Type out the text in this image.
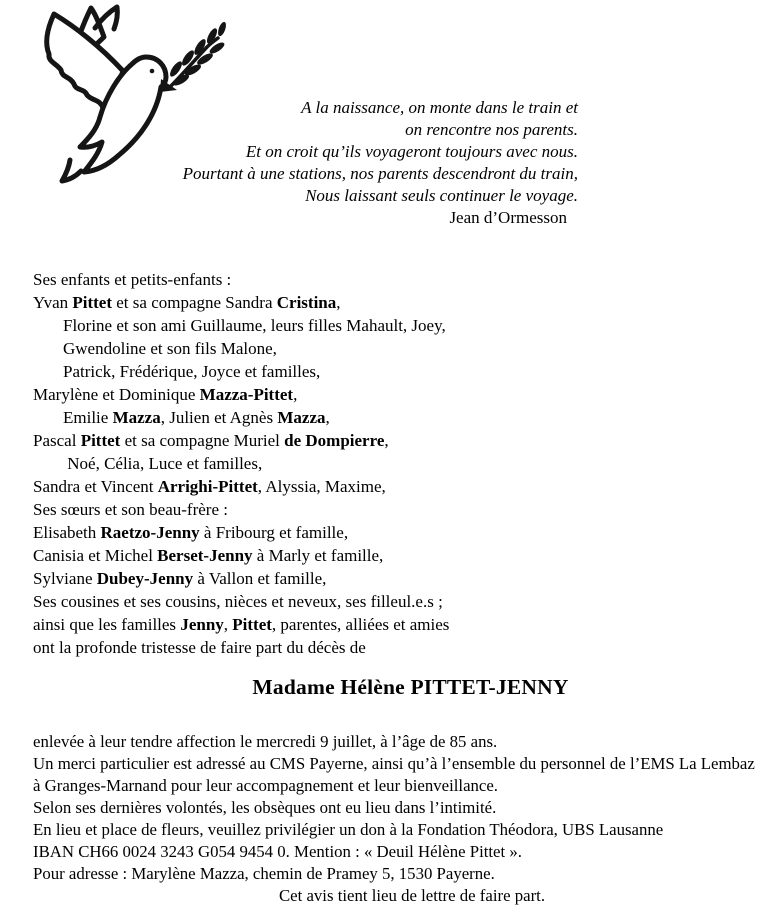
A la naissance, on monte dans le train et
on rencontre nos parents.
Et on croit qu’ils voyageront toujours avec nous.
Pourtant à une stations, nos parents descendront du train,
Nous laissant seuls continuer le voyage.
Jean d’Ormesson
Ses enfants et petits-enfants :
Yvan Pittet et sa compagne Sandra Cristina,
Florine et son ami Guillaume, leurs filles Mahault, Joey,
Gwendoline et son fils Malone,
Patrick, Frédérique, Joyce et familles,
Marylène et Dominique Mazza-Pittet,
Emilie Mazza, Julien et Agnès Mazza,
Pascal Pittet et sa compagne Muriel de Dompierre,
Noé, Célia, Luce et familles,
Sandra et Vincent Arrighi-Pittet, Alyssia, Maxime,
Ses sœurs et son beau-frère :
Elisabeth Raetzo-Jenny à Fribourg et famille,
Canisia et Michel Berset-Jenny à Marly et famille,
Sylviane Dubey-Jenny à Vallon et famille,
Ses cousines et ses cousins, nièces et neveux, ses filleul.e.s ;
ainsi que les familles Jenny, Pittet, parentes, alliées et amies
ont la profonde tristesse de faire part du décès de
Madame Hélène PITTET-JENNY
enlevée à leur tendre affection le mercredi 9 juillet, à l’âge de 85 ans.
Un merci particulier est adressé au CMS Payerne, ainsi qu’à l’ensemble du personnel de l’EMS La Lembaz
à Granges-Marnand pour leur accompagnement et leur bienveillance.
Selon ses dernières volontés, les obsèques ont eu lieu dans l’intimité.
En lieu et place de fleurs, veuillez privilégier un don à la Fondation Théodora, UBS Lausanne
IBAN CH66 0024 3243 G054 9454 0. Mention : « Deuil Hélène Pittet ».
Pour adresse : Marylène Mazza, chemin de Pramey 5, 1530 Payerne.
Cet avis tient lieu de lettre de faire part.
